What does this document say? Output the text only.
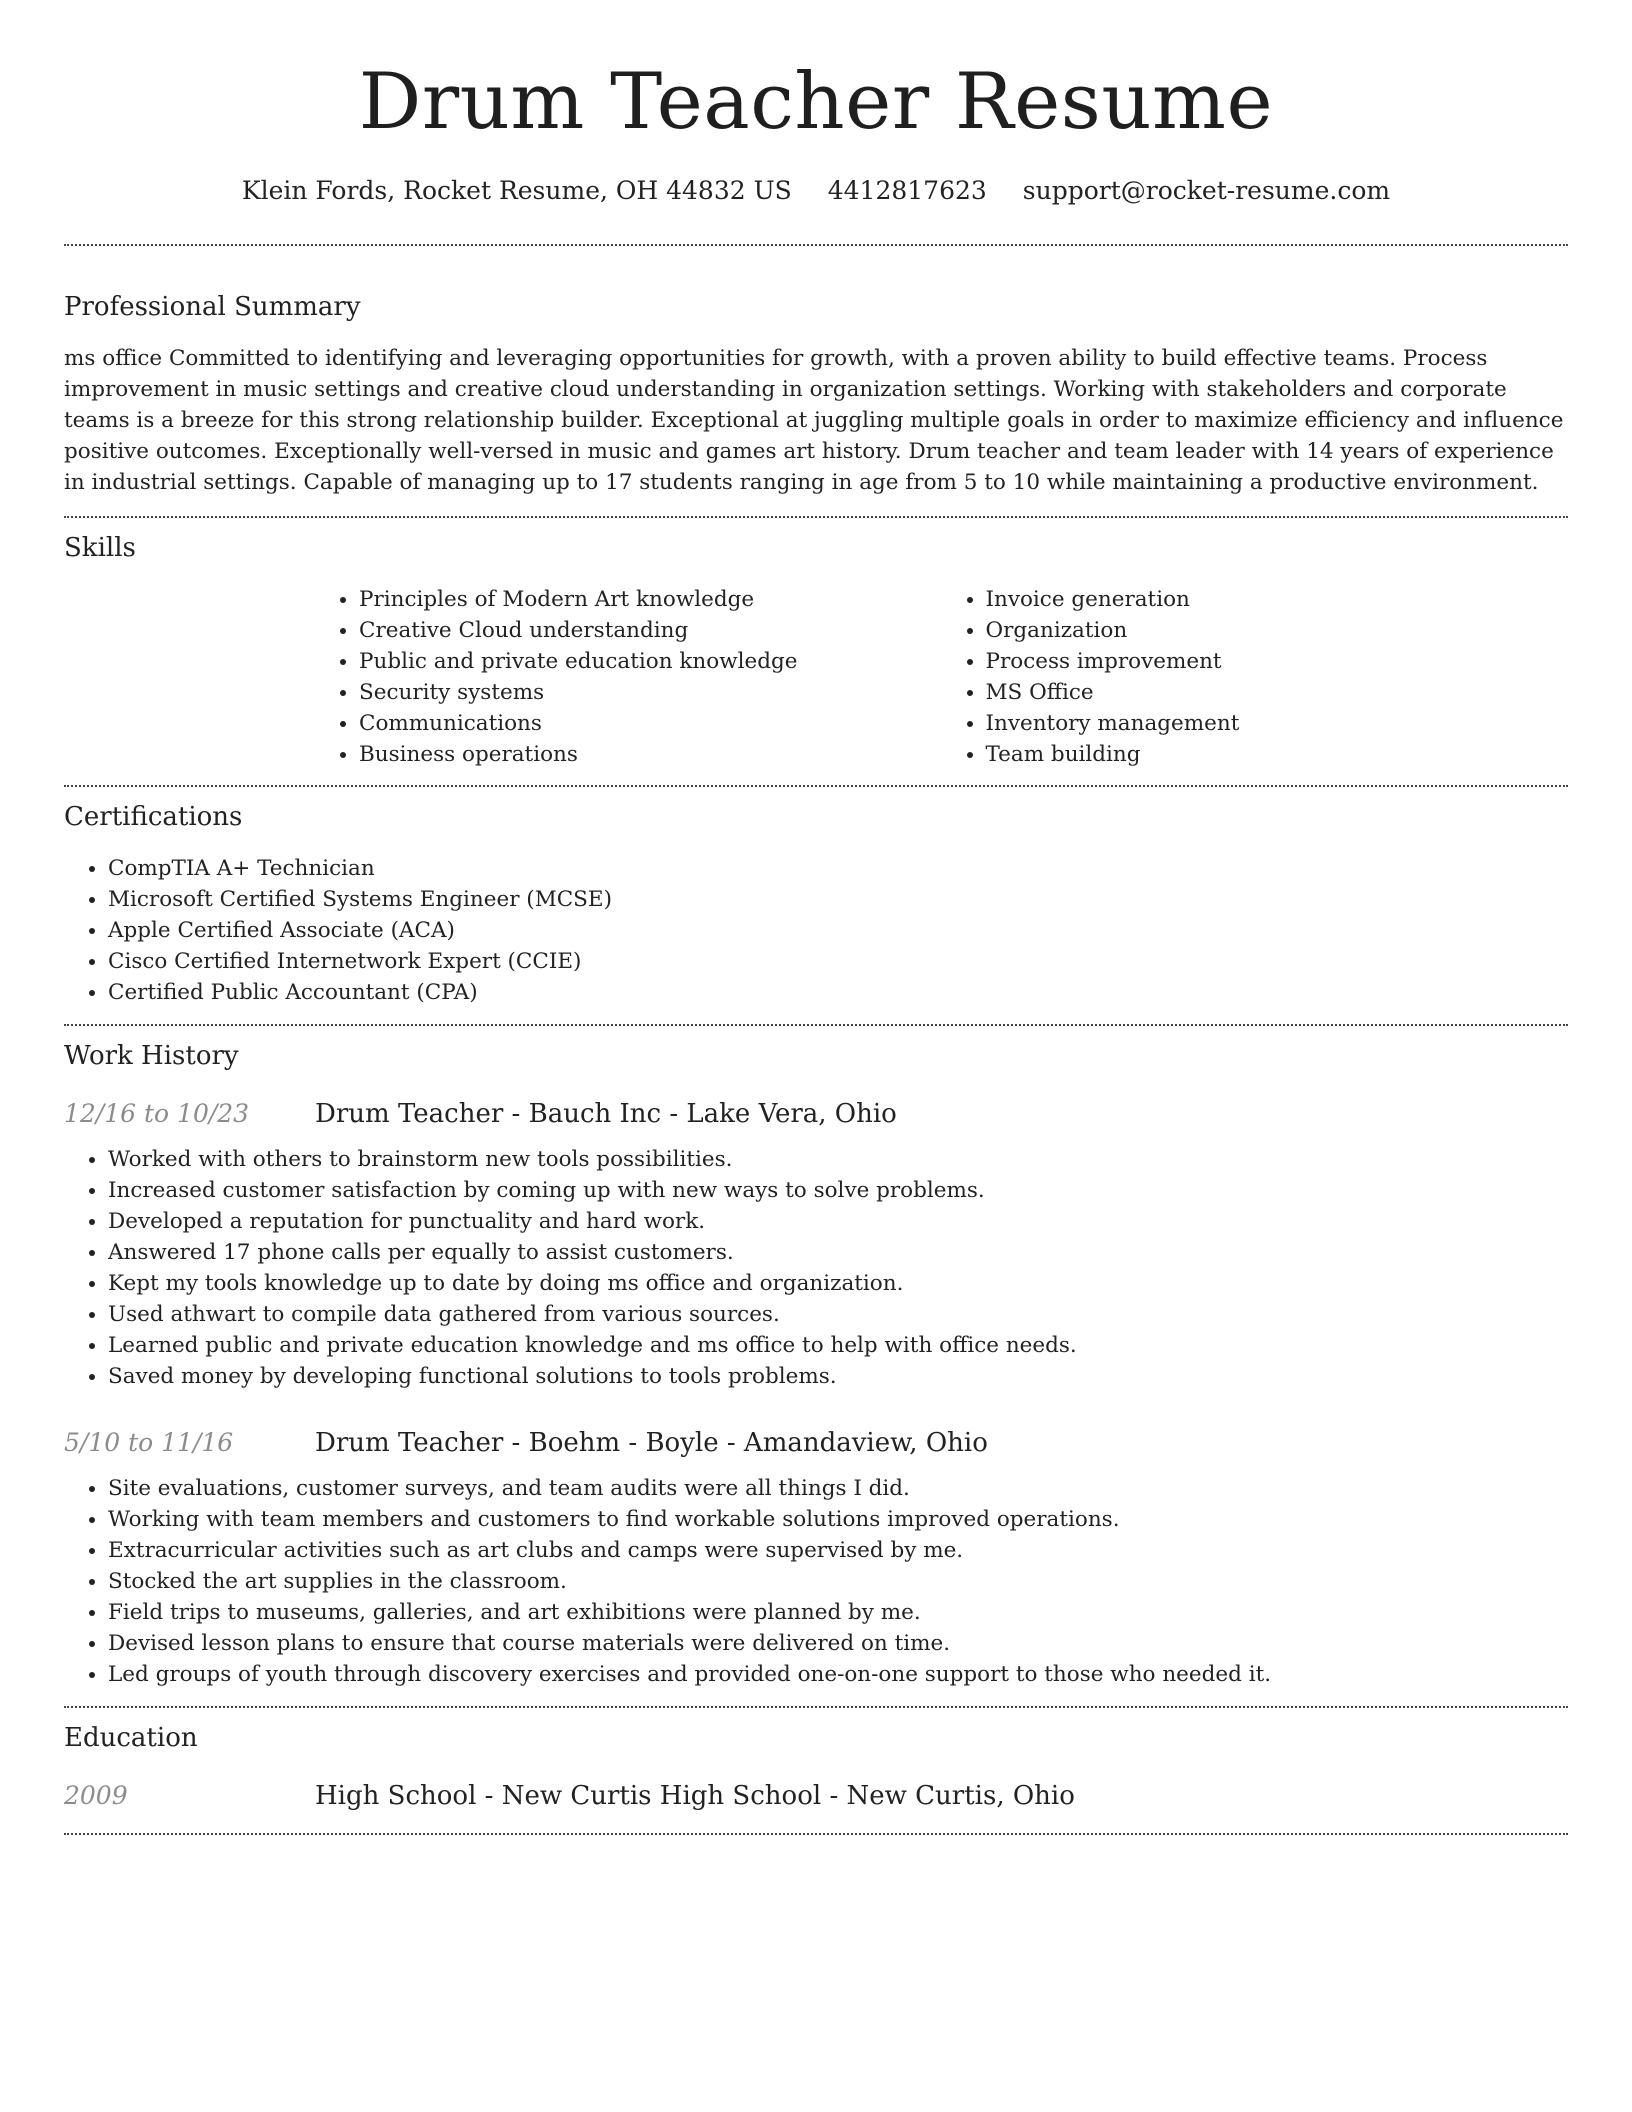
Drum Teacher Resume
Klein Fords, Rocket Resume, OH 44832 US 4412817623 support@rocket-resume.com
Professional Summary

ms office Committed to identifying and leveraging opportunities for growth, with a proven ability to build effective teams. Process improvement in music settings and creative cloud understanding in organization settings. Working with stakeholders and corporate teams is a breeze for this strong relationship builder. Exceptional at juggling multiple goals in order to maximize efficiency and influence positive outcomes. Exceptionally well-versed in music and games art history. Drum teacher and team leader with 14 years of experience in industrial settings. Capable of managing up to 17 students ranging in age from 5 to 10 while maintaining a productive environment.

Skills
• Principles of Modern Art knowledge
• Creative Cloud understanding
• Public and private education knowledge
• Security systems
• Communications
• Business operations
• Invoice generation
• Organization
• Process improvement
• MS Office
• Inventory management
• Team building
Certifications
• CompTIA A+ Technician
• Microsoft Certified Systems Engineer (MCSE)
• Apple Certified Associate (ACA)
• Cisco Certified Internetwork Expert (CCIE)
• Certified Public Accountant (CPA)
Work History
12/16 to 10/23	Drum Teacher - Bauch Inc - Lake Vera, Ohio
• Worked with others to brainstorm new tools possibilities.
• Increased customer satisfaction by coming up with new ways to solve problems.
• Developed a reputation for punctuality and hard work.
• Answered 17 phone calls per equally to assist customers.
• Kept my tools knowledge up to date by doing ms office and organization.
• Used athwart to compile data gathered from various sources.
• Learned public and private education knowledge and ms office to help with office needs.
• Saved money by developing functional solutions to tools problems.
5/10 to 11/16	Drum Teacher - Boehm - Boyle - Amandaview, Ohio
• Site evaluations, customer surveys, and team audits were all things I did.
• Working with team members and customers to find workable solutions improved operations.
• Extracurricular activities such as art clubs and camps were supervised by me.
• Stocked the art supplies in the classroom.
• Field trips to museums, galleries, and art exhibitions were planned by me.
• Devised lesson plans to ensure that course materials were delivered on time.
• Led groups of youth through discovery exercises and provided one-on-one support to those who needed it.
Education
2009	High School - New Curtis High School - New Curtis, Ohio
